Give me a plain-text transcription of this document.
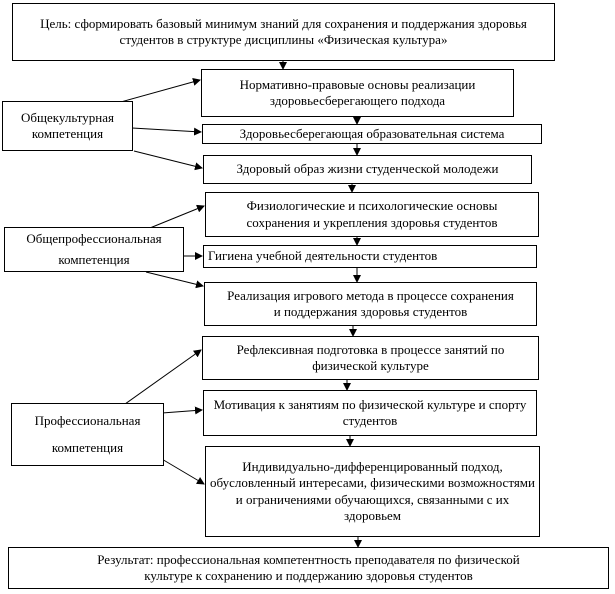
Цель: сформировать базовый минимум знаний для сохранения и поддержания здоровья студентов в структуре дисциплины «Физическая культура»
Общекультурная компетенция
Общепрофессиональная компетенция
Профессиональная
компетенция
Нормативно-правовые основы реализации здоровьесберегающего подхода
Здоровьесберегающая образовательная система
Здоровый образ жизни студенческой молодежи
Физиологические и психологические основы сохранения и укрепления здоровья студентов
Гигиена учебной деятельности студентов
Реализация игрового метода в процессе сохранения и поддержания здоровья студентов
Рефлексивная подготовка в процессе занятий по физической культуре
Мотивация к занятиям по физической культуре и спорту студентов
Индивидуально-дифференцированный подход, обусловленный интересами, физическими возможностями и ограничениями обучающихся, связанными с их здоровьем
Результат: профессиональная компетентность преподавателя по физической культуре к сохранению и поддержанию здоровья студентов
